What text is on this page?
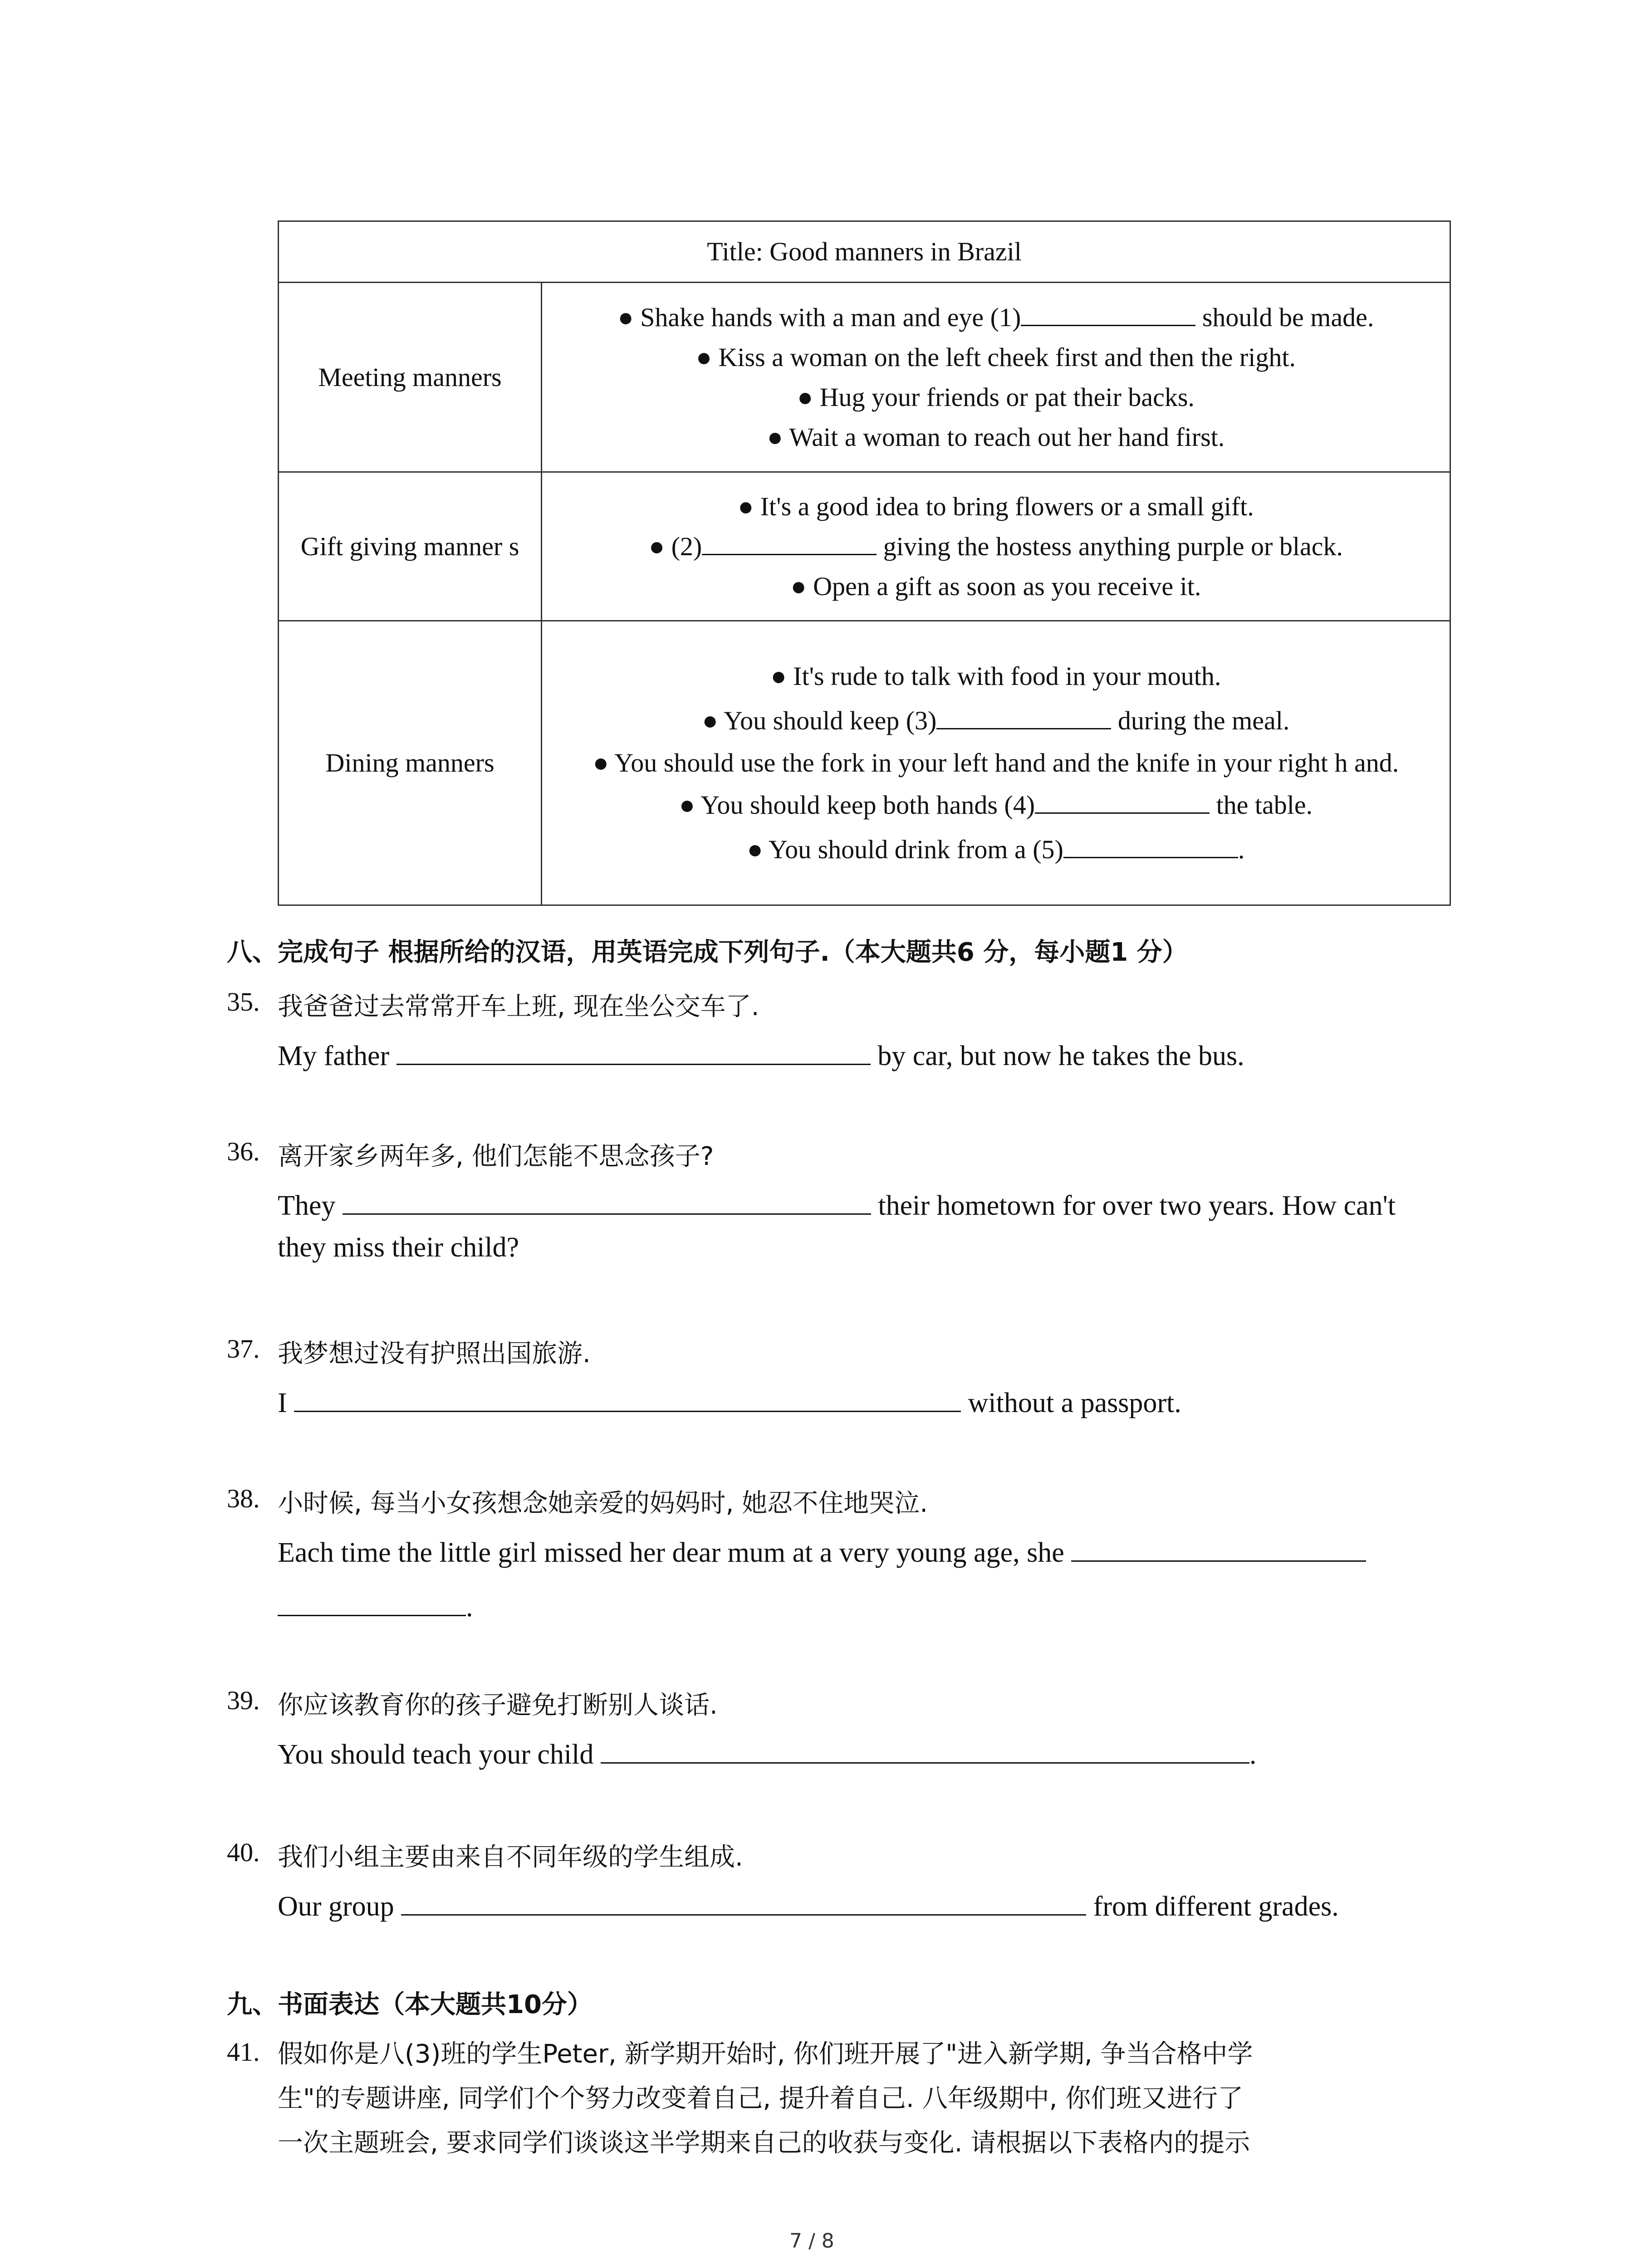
Title: Good manners in Brazil	
Meeting manners	● Shake hands with a man and eye (1) should be made.
● Kiss a woman on the left cheek first and then the right.
● Hug your friends or pat their backs.
● Wait a woman to reach out her hand first.

Gift giving manner s	● It's a good idea to bring flowers or a small gift.
● (2) giving the hostess anything purple or black.
● Open a gift as soon as you receive it.

Dining manners	● It's rude to talk with food in your mouth.
● You should keep (3) during the meal.
● You should use the fork in your left hand and the knife in your right h and.
● You should keep both hands (4) the table.
● You should drink from a (5) .
八、完成句子 根据所给的汉语，用英语完成下列句子.（本大题共6 分，每小题1 分）
35. 我爸爸过去常常开车上班, 现在坐公交车了.
My father	by car, but now he takes the bus.
36. 离开家乡两年多, 他们怎能不思念孩子?
They	their hometown for over two years. How can't
they miss their child?
37. 我梦想过没有护照出国旅游.
I	without a passport.
38. 小时候, 每当小女孩想念她亲爱的妈妈时, 她忍不住地哭泣.
Each time the little girl missed her dear mum at a very young age, she
.
39. 你应该教育你的孩子避免打断别人谈话.
You should teach your child	.
40. 我们小组主要由来自不同年级的学生组成.
Our group	from different grades.
九、书面表达（本大题共10分）
41. 假如你是八(3)班的学生Peter, 新学期开始时, 你们班开展了"进入新学期, 争当合格中学
生"的专题讲座, 同学们个个努力改变着自己, 提升着自己. 八年级期中, 你们班又进行了
一次主题班会, 要求同学们谈谈这半学期来自己的收获与变化. 请根据以下表格内的提示
7 / 8
